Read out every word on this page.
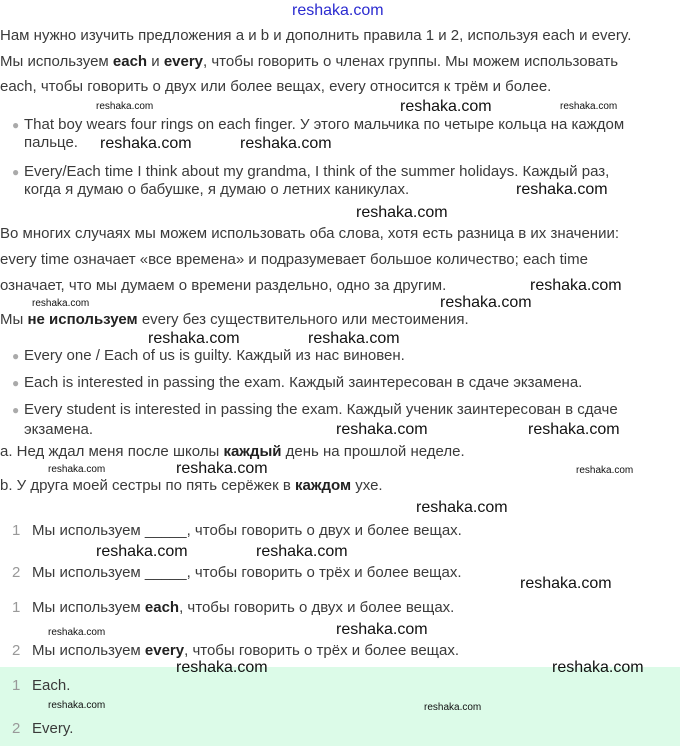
reshaka.com
Нам нужно изучить предложения a и b и дополнить правила 1 и 2, используя each и every.
Мы используем each и every, чтобы говорить о членах группы. Мы можем использовать
each, чтобы говорить о двух или более вещах, every относится к трём и более.
● That boy wears four rings on each finger. У этого мальчика по четыре кольца на каждом
пальце.
● Every/Each time I think about my grandma, I think of the summer holidays. Каждый раз,
когда я думаю о бабушке, я думаю о летних каникулах.
Во многих случаях мы можем использовать оба слова, хотя есть разница в их значении:
every time означает «все времена» и подразумевает большое количество; each time
означает, что мы думаем о времени раздельно, одно за другим.
Мы не используем every без существительного или местоимения.
● Every one / Each of us is guilty. Каждый из нас виновен.
● Each is interested in passing the exam. Каждый заинтересован в сдаче экзамена.
● Every student is interested in passing the exam. Каждый ученик заинтересован в сдаче
экзамена.
a. Нед ждал меня после школы каждый день на прошлой неделе.
b. У друга моей сестры по пять серёжек в каждом ухе.
1 Мы используем _____, чтобы говорить о двух и более вещах.
2 Мы используем _____, чтобы говорить о трёх и более вещах.
1 Мы используем each, чтобы говорить о двух и более вещах.
2 Мы используем every, чтобы говорить о трёх и более вещах.
1 Each.
2 Every.
reshaka.com	reshaka.com	reshaka.com
reshaka.com
reshaka.com
reshaka.com
reshaka.com
reshaka.com
reshaka.com
reshaka.com
reshaka.com	reshaka.com
reshaka.com
reshaka.com
reshaka.com	reshaka.com	reshaka.com
reshaka.com
reshaka.com
reshaka.com
reshaka.com
reshaka.com
reshaka.com
reshaka.com
reshaka.com
reshaka.com	reshaka.com
